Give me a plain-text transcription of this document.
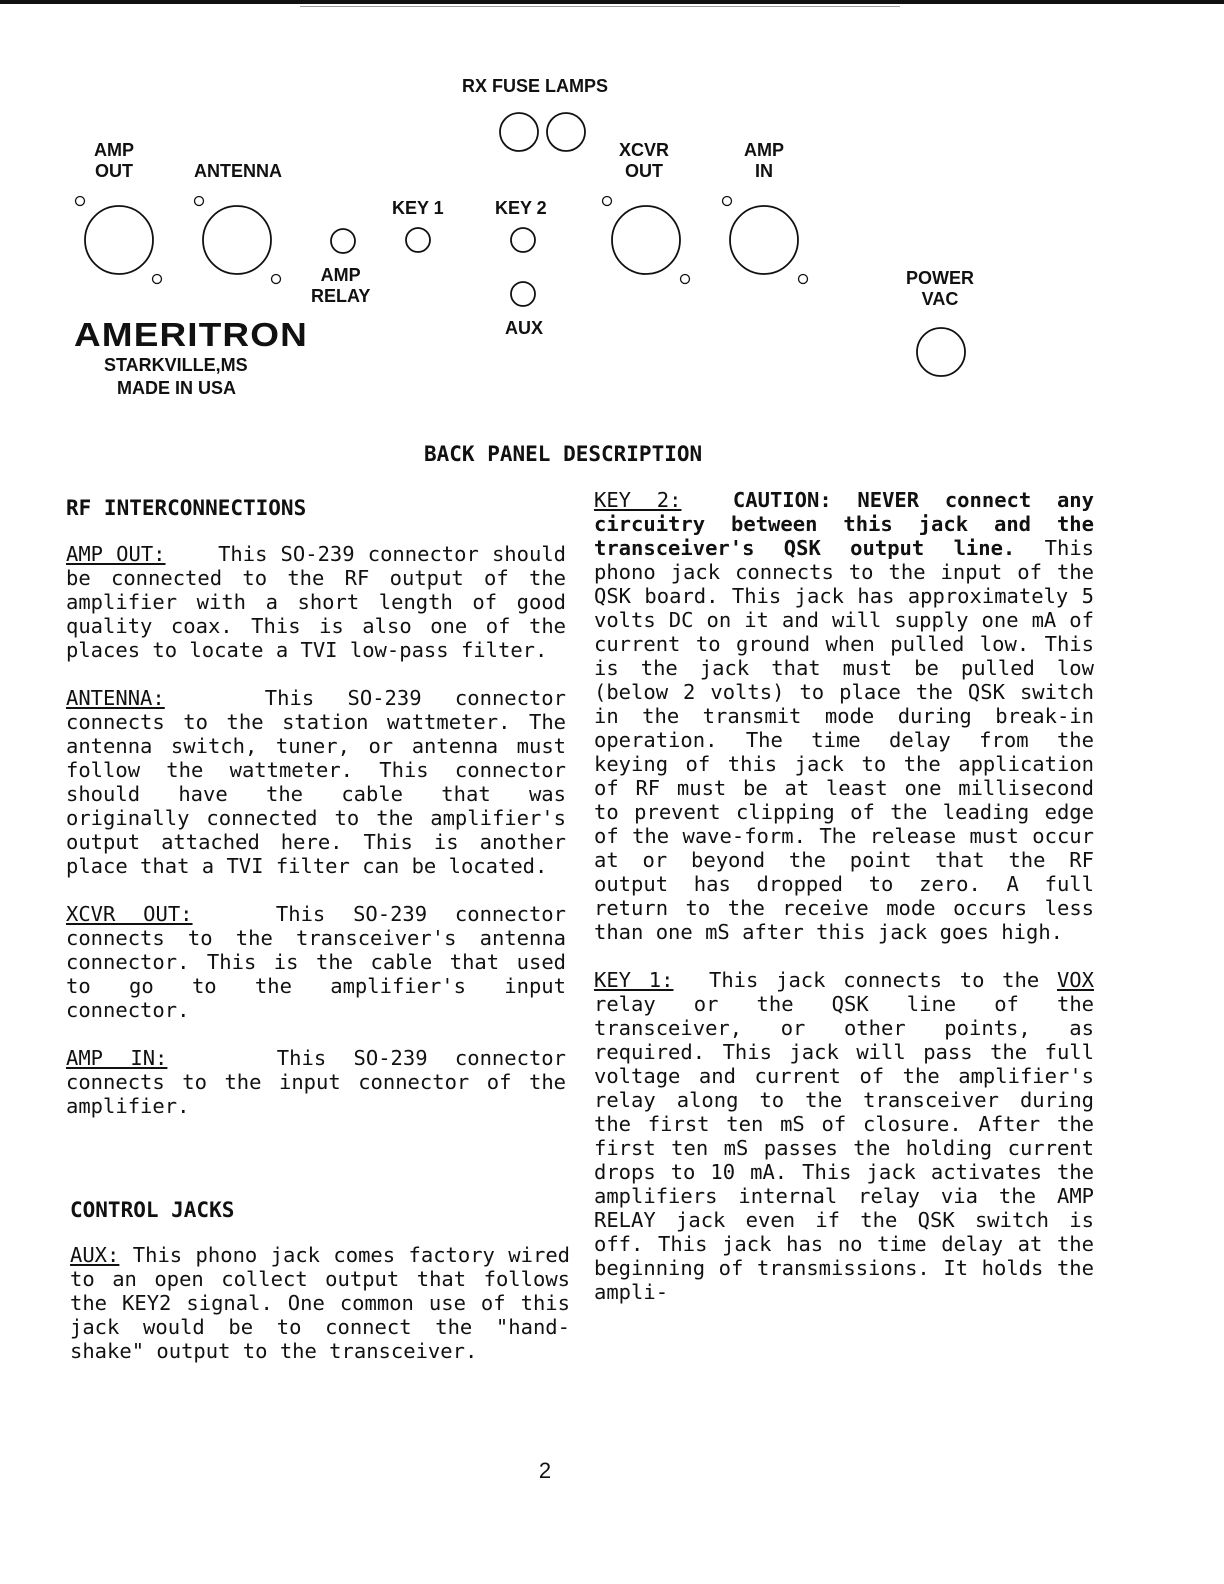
RX FUSE LAMPS
AMP
OUT	ANTENNA
KEY 1	KEY 2
XCVR
OUT
AMP
IN
AMP
RELAY
AUX
POWER
VAC
AMERITRON
STARKVILLE,MS
MADE IN USA
BACK PANEL DESCRIPTION
RF INTERCONNECTIONS

AMP OUT:	This SO-239 connector should be connected to the RF output of the amplifier with a short length of good quality coax. This is also one of the places to locate a TVI low-pass filter.

ANTENNA:	This SO-239 connector connects to the station wattmeter. The antenna switch, tuner, or antenna must follow the wattmeter. This connector should have the cable that was originally connected to the amplifier's output attached here. This is another place that a TVI filter can be located.

XCVR OUT:	This SO-239 connector connects to the transceiver's antenna connector. This is the cable that used to go to the amplifier's input connector.

AMP IN:	This SO-239 connector connects to the input connector of the amplifier.

CONTROL JACKS

AUX: This phono jack comes factory wired to an open collect output that follows the KEY2 signal. One common use of this jack would be to connect the "hand-shake" output to the transceiver.

KEY 2:	CAUTION: NEVER connect any circuitry between this jack and the transceiver's QSK output line. This phono jack connects to the input of the QSK board. This jack has approximately 5 volts DC on it and will supply one mA of current to ground when pulled low. This is the jack that must be pulled low (below 2 volts) to place the QSK switch in the transmit mode during break-in operation. The time delay from the keying of this jack to the application of RF must be at least one millisecond to prevent clipping of the leading edge of the wave-form. The release must occur at or beyond the point that the RF output has dropped to zero. A full return to the receive mode occurs less than one mS after this jack goes high.

KEY 1: This jack connects to the VOX relay or the QSK line of the transceiver, or other points, as required. This jack will pass the full voltage and current of the amplifier's relay along to the transceiver during the first ten mS of closure. After the first ten mS passes the holding current drops to 10 mA. This jack activates the amplifiers internal relay via the AMP RELAY jack even if the QSK switch is off. This jack has no time delay at the beginning of transmissions. It holds the ampli-

2
